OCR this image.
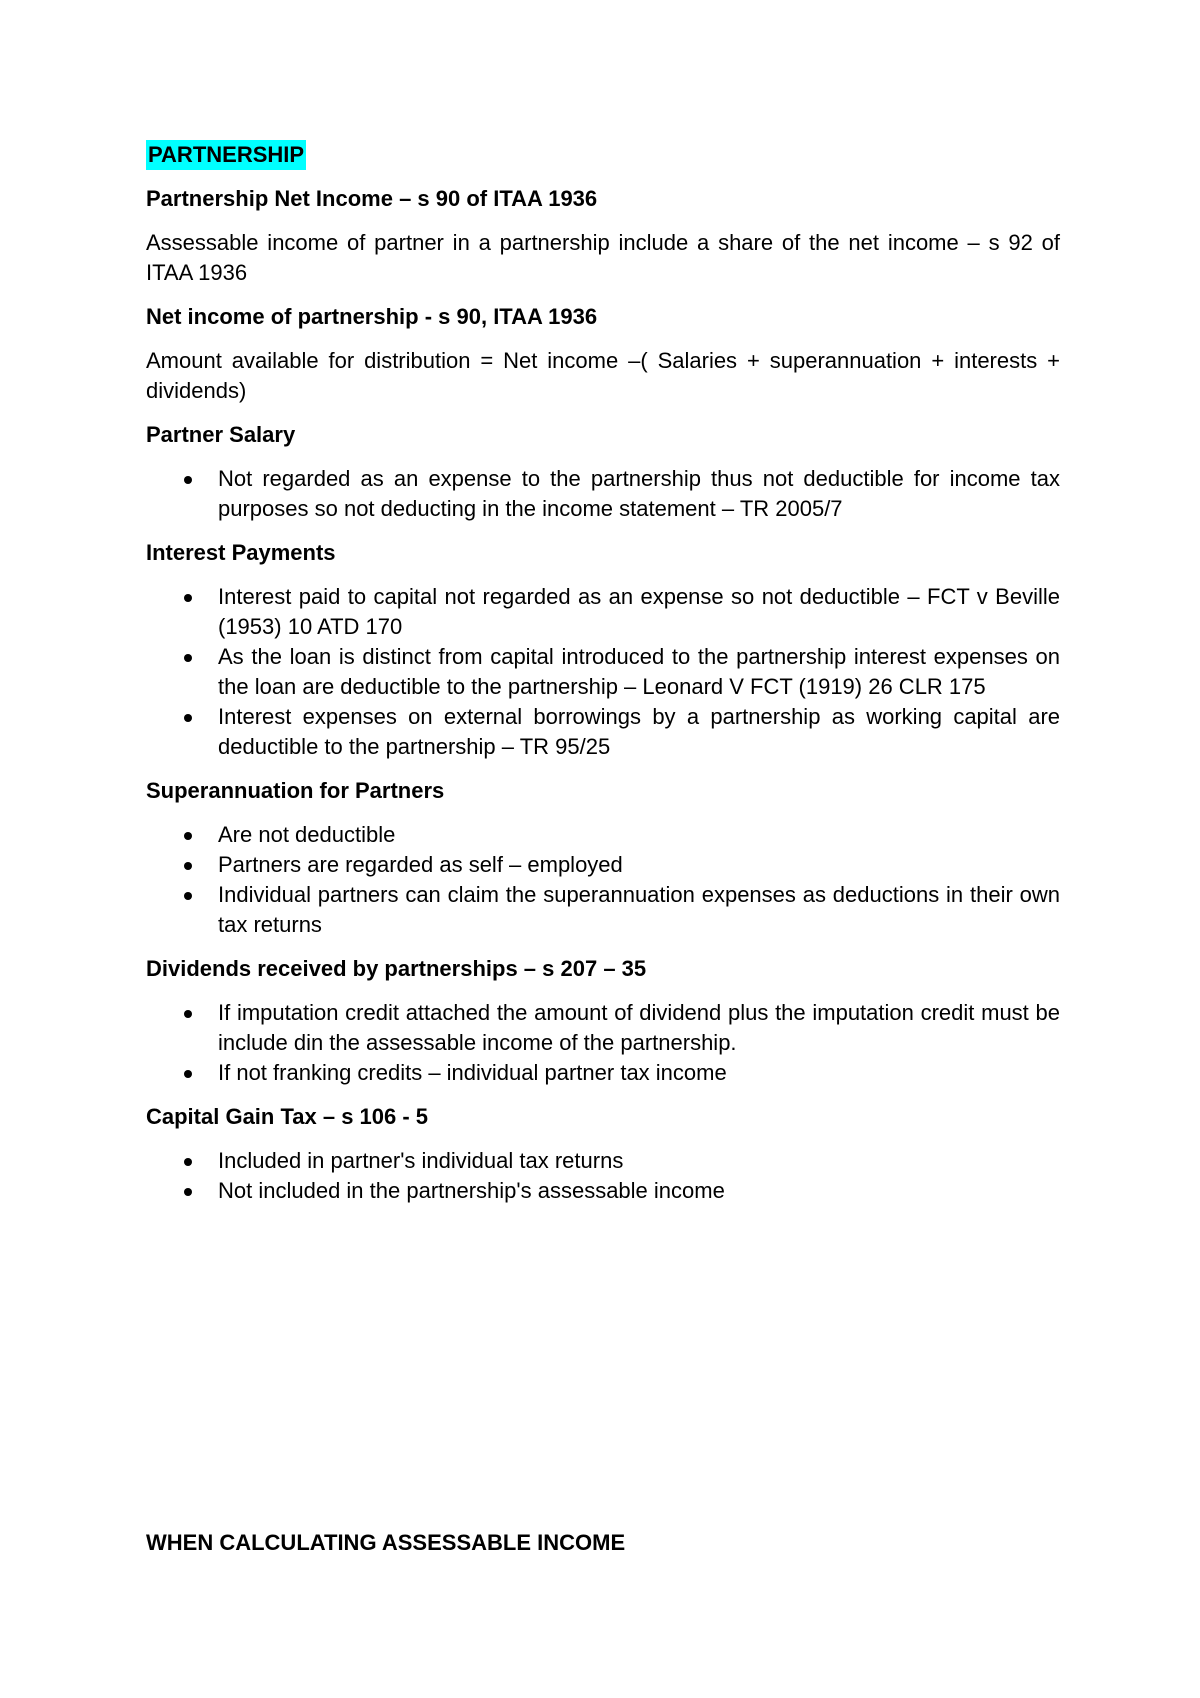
PARTNERSHIP
Partnership Net Income – s 90 of ITAA 1936
Assessable income of partner in a partnership include a share of the net income – s 92 of ITAA 1936
Net income of partnership - s 90, ITAA 1936
Amount available for distribution = Net income –( Salaries + superannuation + interests + dividends)
Partner Salary
Not regarded as an expense to the partnership thus not deductible for income tax purposes so not deducting in the income statement – TR 2005/7
Interest Payments
Interest paid to capital not regarded as an expense so not deductible – FCT v Beville (1953) 10 ATD 170
As the loan is distinct from capital introduced to the partnership interest expenses on the loan are deductible to the partnership – Leonard V FCT (1919) 26 CLR 175
Interest expenses on external borrowings by a partnership as working capital are deductible to the partnership – TR 95/25
Superannuation for Partners
Are not deductible
Partners are regarded as self – employed
Individual partners can claim the superannuation expenses as deductions in their own tax returns
Dividends received by partnerships – s 207 – 35
If imputation credit attached the amount of dividend plus the imputation credit must be include din the assessable income of the partnership.
If not franking credits – individual partner tax income
Capital Gain Tax – s 106 - 5
Included in partner's individual tax returns
Not included in the partnership's assessable income
WHEN CALCULATING ASSESSABLE INCOME
